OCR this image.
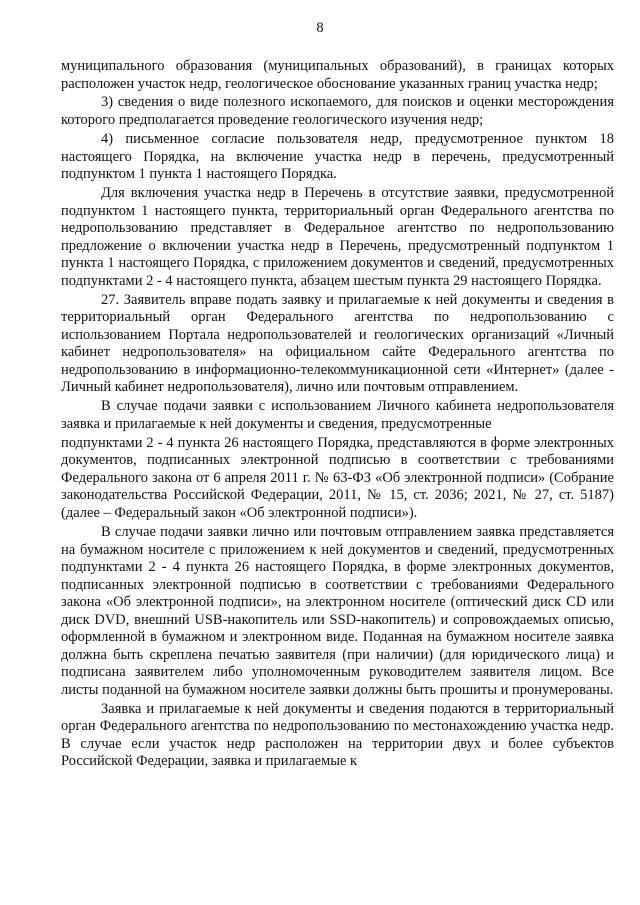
8

муниципального образования (муниципальных образований), в границах которых расположен участок недр, геологическое обоснование указанных границ участка недр;

3) сведения о виде полезного ископаемого, для поисков и оценки месторождения которого предполагается проведение геологического изучения недр;

4) письменное согласие пользователя недр, предусмотренное пунктом 18 настоящего Порядка, на включение участка недр в перечень, предусмотренный подпунктом 1 пункта 1 настоящего Порядка.

Для включения участка недр в Перечень в отсутствие заявки, предусмотренной подпунктом 1 настоящего пункта, территориальный орган Федерального агентства по недропользованию представляет в Федеральное агентство по недропользованию предложение о включении участка недр в Перечень, предусмотренный подпунктом 1 пункта 1 настоящего Порядка, с приложением документов и сведений, предусмотренных подпунктами 2 - 4 настоящего пункта, абзацем шестым пункта 29 настоящего Порядка.

27. Заявитель вправе подать заявку и прилагаемые к ней документы и сведения в территориальный орган Федерального агентства по недропользованию с использованием Портала недропользователей и геологических организаций «Личный кабинет недропользователя» на официальном сайте Федерального агентства по недропользованию в информационно-телекоммуникационной сети «Интернет» (далее - Личный кабинет недропользователя), лично или почтовым отправлением.

В случае подачи заявки с использованием Личного кабинета недропользователя заявка и прилагаемые к ней документы и сведения, предусмотренные

подпунктами 2 - 4 пункта 26 настоящего Порядка, представляются в форме электронных документов, подписанных электронной подписью в соответствии с требованиями Федерального закона от 6 апреля 2011 г. № 63-ФЗ «Об электронной подписи» (Собрание законодательства Российской Федерации, 2011, № 15, ст. 2036; 2021, № 27, ст. 5187) (далее – Федеральный закон «Об электронной подписи»).

В случае подачи заявки лично или почтовым отправлением заявка представляется на бумажном носителе с приложением к ней документов и сведений, предусмотренных подпунктами 2 - 4 пункта 26 настоящего Порядка, в форме электронных документов, подписанных электронной подписью в соответствии с требованиями Федерального закона «Об электронной подписи», на электронном носителе (оптический диск CD или диск DVD, внешний USB-накопитель или SSD-накопитель) и сопровождаемых описью, оформленной в бумажном и электронном виде. Поданная на бумажном носителе заявка должна быть скреплена печатью заявителя (при наличии) (для юридического лица) и подписана заявителем либо уполномоченным руководителем заявителя лицом. Все листы поданной на бумажном носителе заявки должны быть прошиты и пронумерованы.

Заявка и прилагаемые к ней документы и сведения подаются в территориальный орган Федерального агентства по недропользованию по местонахождению участка недр. В случае если участок недр расположен на территории двух и более субъектов Российской Федерации, заявка и прилагаемые к
